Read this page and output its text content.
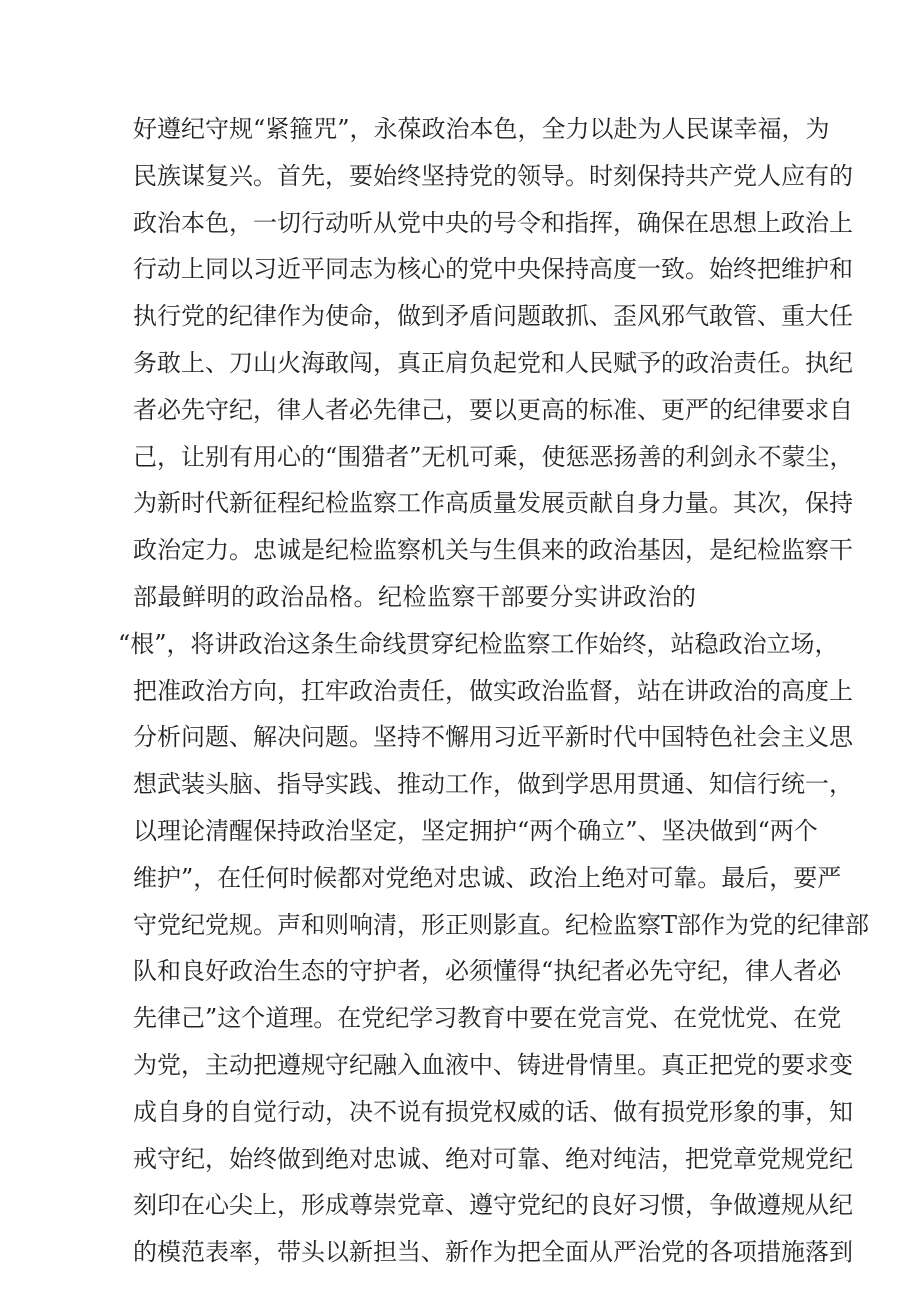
好遵纪守规“紧箍咒”，永葆政治本色，全力以赴为人民谋幸福，为
民族谋复兴。首先，要始终坚持党的领导。时刻保持共产党人应有的
政治本色，一切行动听从党中央的号令和指挥，确保在思想上政治上
行动上同以习近平同志为核心的党中央保持高度一致。始终把维护和
执行党的纪律作为使命，做到矛盾问题敢抓、歪风邪气敢管、重大任
务敢上、刀山火海敢闯，真正肩负起党和人民赋予的政治责任。执纪
者必先守纪，律人者必先律己，要以更高的标准、更严的纪律要求自
己，让别有用心的“围猎者”无机可乘，使惩恶扬善的利剑永不蒙尘，
为新时代新征程纪检监察工作高质量发展贡献自身力量。其次，保持
政治定力。忠诚是纪检监察机关与生俱来的政治基因，是纪检监察干
部最鲜明的政治品格。纪检监察干部要分实讲政治的
“根”，将讲政治这条生命线贯穿纪检监察工作始终，站稳政治立场，
把准政治方向，扛牢政治责任，做实政治监督，站在讲政治的高度上
分析问题、解决问题。坚持不懈用习近平新时代中国特色社会主义思
想武装头脑、指导实践、推动工作，做到学思用贯通、知信行统一，
以理论清醒保持政治坚定，坚定拥护“两个确立”、坚决做到“两个
维护”，在任何时候都对党绝对忠诚、政治上绝对可靠。最后，要严
守党纪党规。声和则响清，形正则影直。纪检监察T部作为党的纪律部
队和良好政治生态的守护者，必须懂得“执纪者必先守纪，律人者必
先律己”这个道理。在党纪学习教育中要在党言党、在党忧党、在党
为党，主动把遵规守纪融入血液中、铸进骨情里。真正把党的要求变
成自身的自觉行动，决不说有损党权威的话、做有损党形象的事，知
戒守纪，始终做到绝对忠诚、绝对可靠、绝对纯洁，把党章党规党纪
刻印在心尖上，形成尊崇党章、遵守党纪的良好习惯，争做遵规从纪
的模范表率，带头以新担当、新作为把全面从严治党的各项措施落到
